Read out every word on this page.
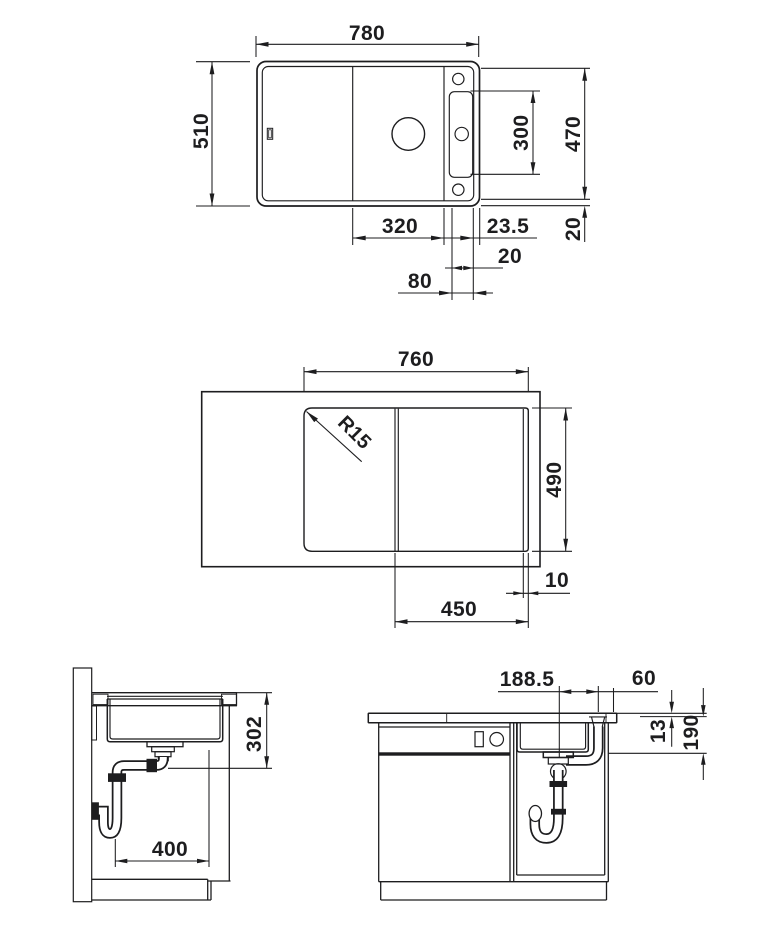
780
510	300 470
20
320	23.5
20
80
R15
760
490
10
450
302
400
188.5	60
13 190
